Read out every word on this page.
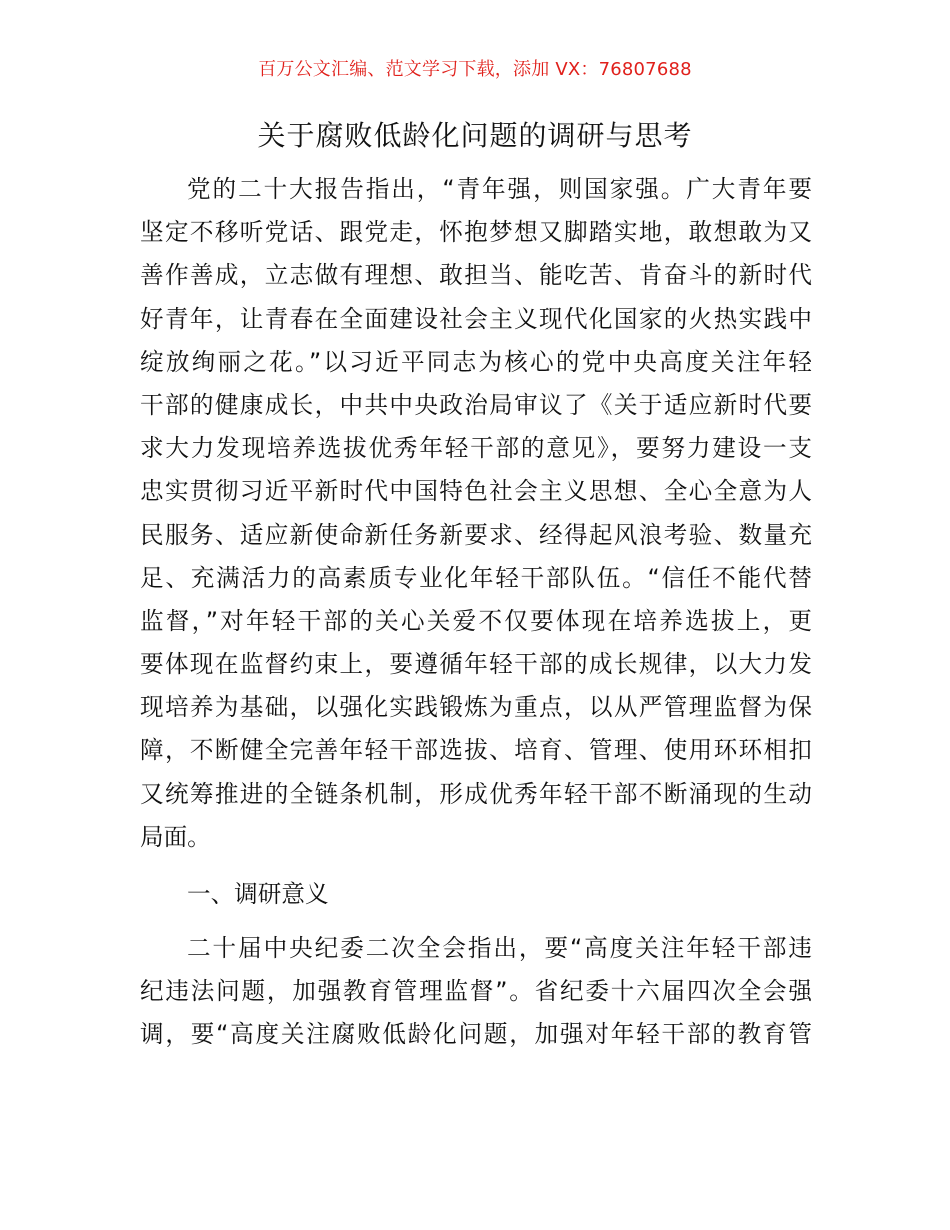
百万公文汇编、范文学习下载，添加 VX：76807688
关于腐败低龄化问题的调研与思考
党的二十大报告指出，“青年强，则国家强。广大青年要
坚定不移听党话、跟党走，怀抱梦想又脚踏实地，敢想敢为又
善作善成，立志做有理想、敢担当、能吃苦、肯奋斗的新时代
好青年，让青春在全面建设社会主义现代化国家的火热实践中
绽放绚丽之花。”以习近平同志为核心的党中央高度关注年轻
干部的健康成长，中共中央政治局审议了《关于适应新时代要
求大力发现培养选拔优秀年轻干部的意见》，要努力建设一支
忠实贯彻习近平新时代中国特色社会主义思想、全心全意为人
民服务、适应新使命新任务新要求、经得起风浪考验、数量充
足、充满活力的高素质专业化年轻干部队伍。“信任不能代替
监督，”对年轻干部的关心关爱不仅要体现在培养选拔上，更
要体现在监督约束上，要遵循年轻干部的成长规律，以大力发
现培养为基础，以强化实践锻炼为重点，以从严管理监督为保
障，不断健全完善年轻干部选拔、培育、管理、使用环环相扣
又统筹推进的全链条机制，形成优秀年轻干部不断涌现的生动
局面。
一、调研意义
二十届中央纪委二次全会指出，要“高度关注年轻干部违
纪违法问题，加强教育管理监督”。省纪委十六届四次全会强
调，要“高度关注腐败低龄化问题，加强对年轻干部的教育管
